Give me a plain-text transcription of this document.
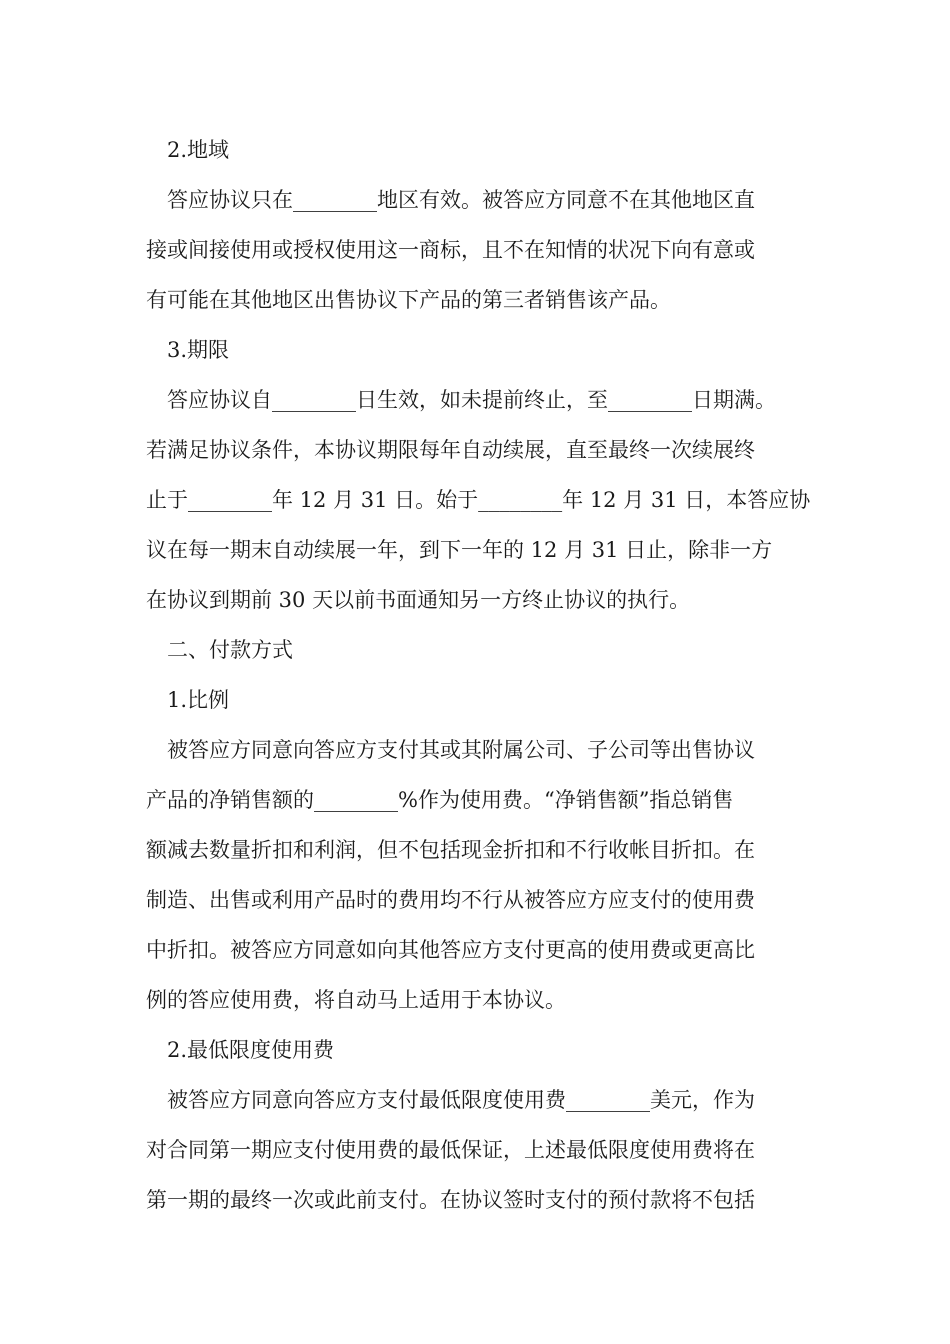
2.地域
答应协议只在________地区有效。被答应方同意不在其他地区直
接或间接使用或授权使用这一商标，且不在知情的状况下向有意或
有可能在其他地区出售协议下产品的第三者销售该产品。
3.期限
答应协议自________日生效，如未提前终止，至________日期满。
若满足协议条件，本协议期限每年自动续展，直至最终一次续展终
止于________年 12 月 31 日。始于________年 12 月 31 日，本答应协
议在每一期末自动续展一年，到下一年的 12 月 31 日止，除非一方
在协议到期前 30 天以前书面通知另一方终止协议的执行。
二、付款方式
1.比例
被答应方同意向答应方支付其或其附属公司、子公司等出售协议
产品的净销售额的________%作为使用费。“净销售额”指总销售
额减去数量折扣和利润，但不包括现金折扣和不行收帐目折扣。在
制造、出售或利用产品时的费用均不行从被答应方应支付的使用费
中折扣。被答应方同意如向其他答应方支付更高的使用费或更高比
例的答应使用费，将自动马上适用于本协议。
2.最低限度使用费
被答应方同意向答应方支付最低限度使用费________美元，作为
对合同第一期应支付使用费的最低保证，上述最低限度使用费将在
第一期的最终一次或此前支付。在协议签时支付的预付款将不包括
